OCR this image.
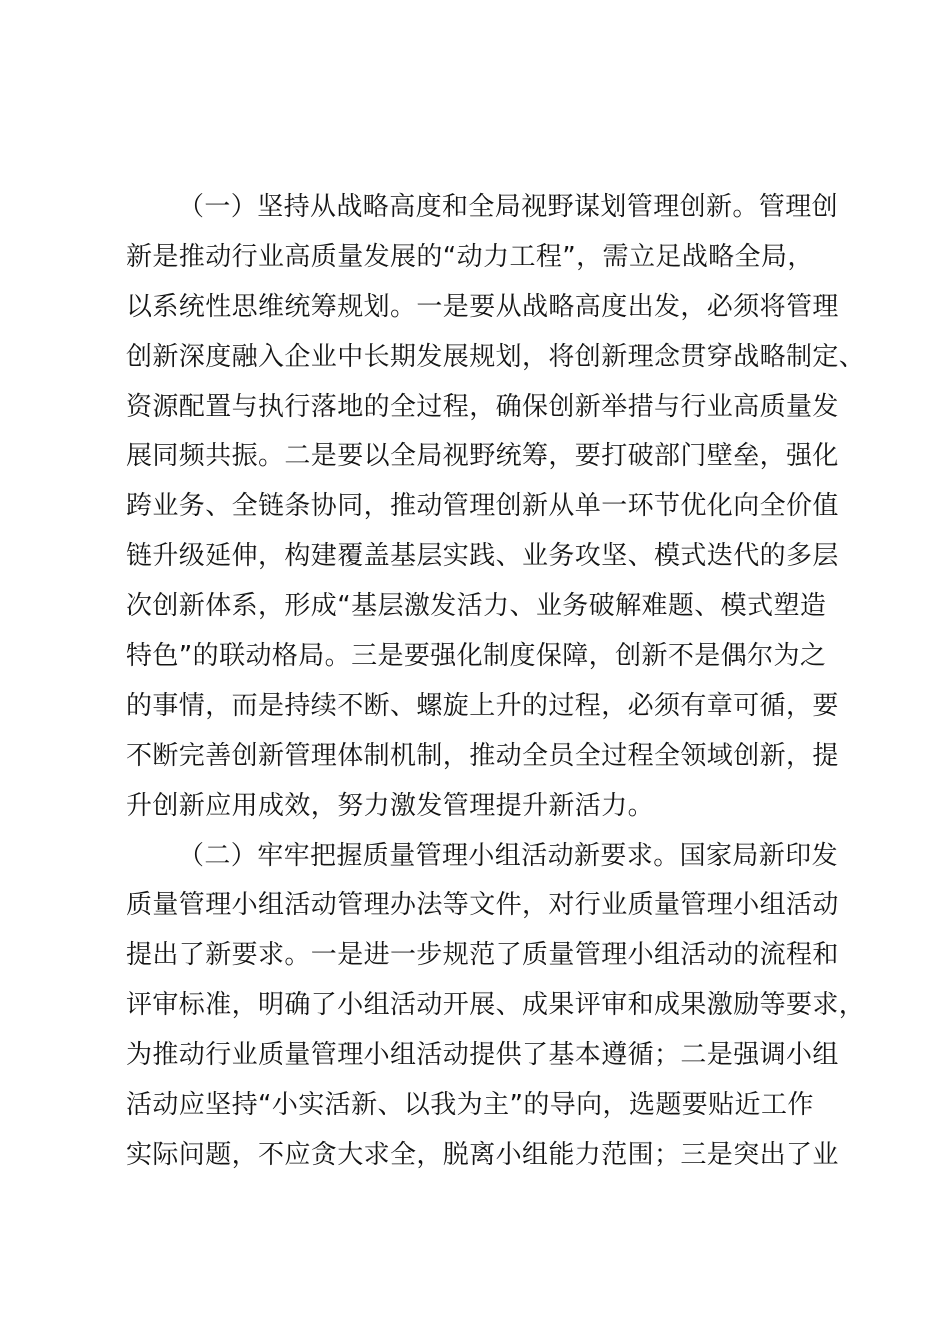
（一）坚持从战略高度和全局视野谋划管理创新。管理创
新是推动行业高质量发展的“动力工程”，需立足战略全局，
以系统性思维统筹规划。一是要从战略高度出发，必须将管理
创新深度融入企业中长期发展规划，将创新理念贯穿战略制定、
资源配置与执行落地的全过程，确保创新举措与行业高质量发
展同频共振。二是要以全局视野统筹，要打破部门壁垒，强化
跨业务、全链条协同，推动管理创新从单一环节优化向全价值
链升级延伸，构建覆盖基层实践、业务攻坚、模式迭代的多层
次创新体系，形成“基层激发活力、业务破解难题、模式塑造
特色”的联动格局。三是要强化制度保障，创新不是偶尔为之
的事情，而是持续不断、螺旋上升的过程，必须有章可循，要
不断完善创新管理体制机制，推动全员全过程全领域创新，提
升创新应用成效，努力激发管理提升新活力。
（二）牢牢把握质量管理小组活动新要求。国家局新印发
质量管理小组活动管理办法等文件，对行业质量管理小组活动
提出了新要求。一是进一步规范了质量管理小组活动的流程和
评审标准，明确了小组活动开展、成果评审和成果激励等要求，
为推动行业质量管理小组活动提供了基本遵循；二是强调小组
活动应坚持“小实活新、以我为主”的导向，选题要贴近工作
实际问题，不应贪大求全，脱离小组能力范围；三是突出了业
